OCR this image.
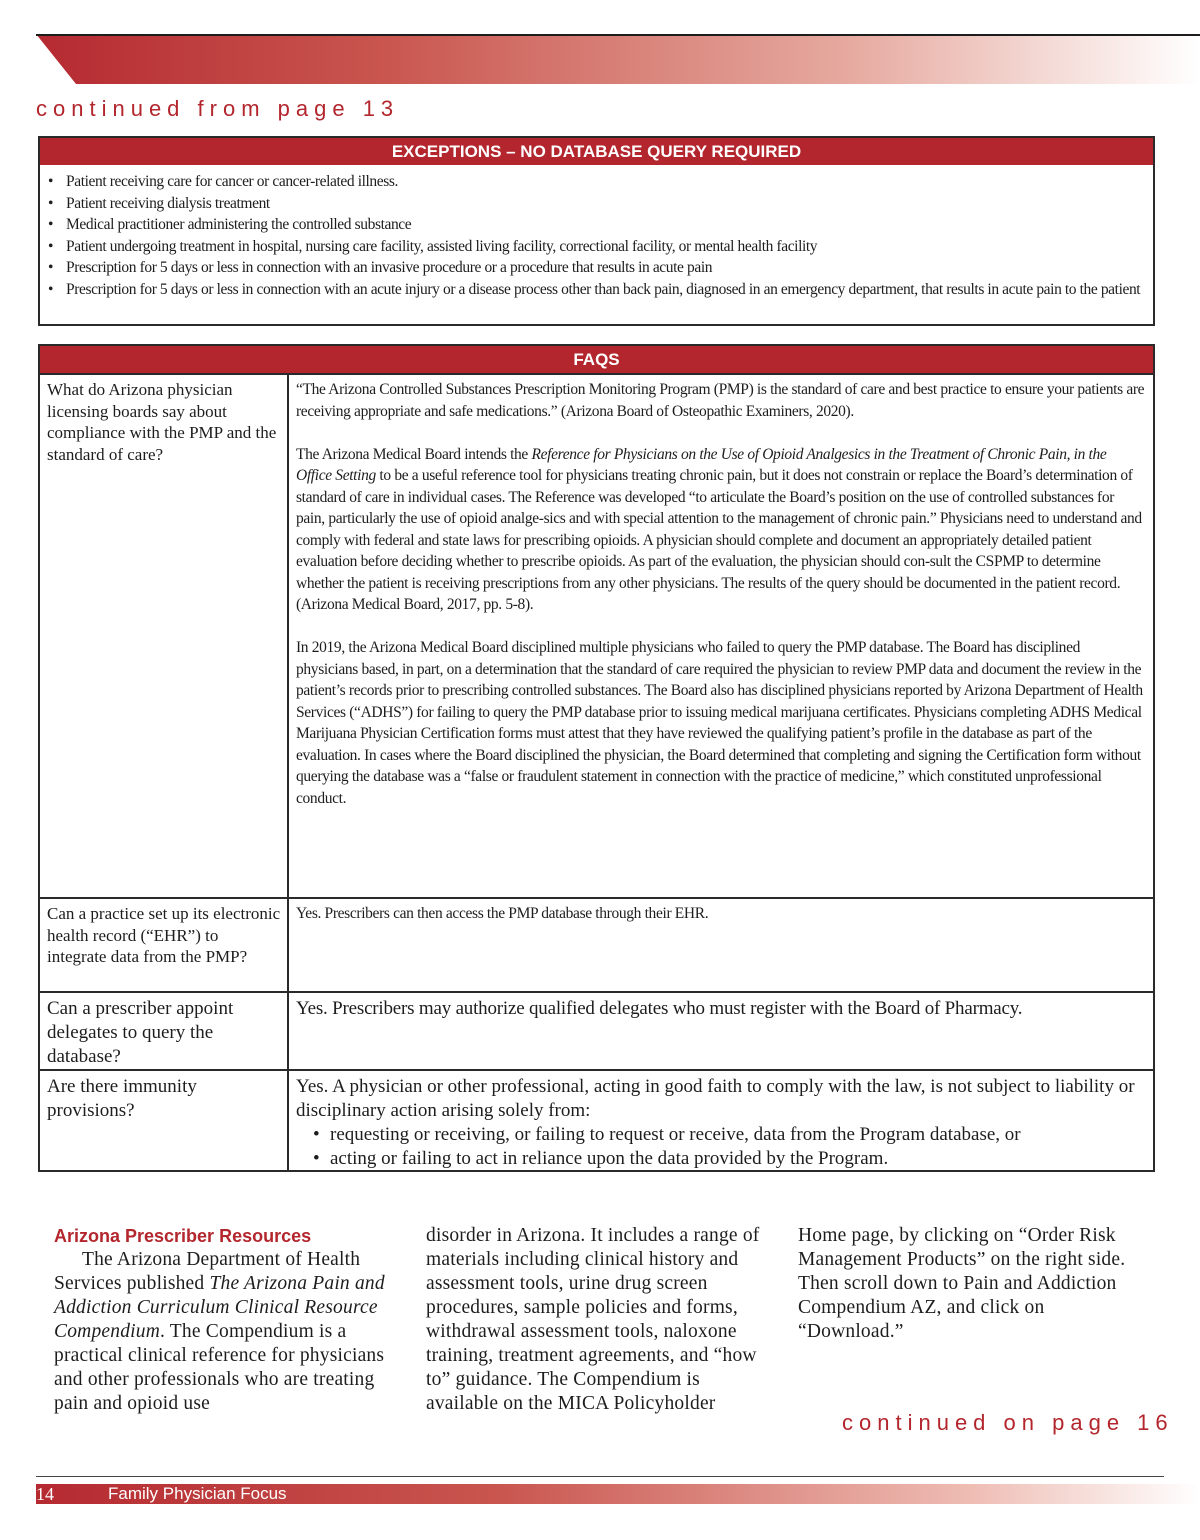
continued from page 13
EXCEPTIONS – NO DATABASE QUERY REQUIRED
• Patient receiving care for cancer or cancer-related illness.
• Patient receiving dialysis treatment
• Medical practitioner administering the controlled substance
• Patient undergoing treatment in hospital, nursing care facility, assisted living facility, correctional facility, or mental health facility
• Prescription for 5 days or less in connection with an invasive procedure or a procedure that results in acute pain
• Prescription for 5 days or less in connection with an acute injury or a disease process other than back pain, diagnosed in an emergency department, that results in acute pain to the patient
FAQS
What do Arizona physician licensing boards say about compliance with the PMP and the standard of care?

“The Arizona Controlled Substances Prescription Monitoring Program (PMP) is the standard of care and best practice to ensure your patients are receiving appropriate and safe medications.” (Arizona Board of Osteopathic Examiners, 2020).

The Arizona Medical Board intends the Reference for Physicians on the Use of Opioid Analgesics in the Treatment of Chronic Pain, in the Office Setting to be a useful reference tool for physicians treating chronic pain, but it does not constrain or replace the Board’s determination of standard of care in individual cases. The Reference was developed “to articulate the Board’s position on the use of controlled substances for pain, particularly the use of opioid analge-sics and with special attention to the management of chronic pain.” Physicians need to understand and comply with federal and state laws for prescribing opioids. A physician should complete and document an appropriately detailed patient evaluation before deciding whether to prescribe opioids. As part of the evaluation, the physician should con-sult the CSPMP to determine whether the patient is receiving prescriptions from any other physicians. The results of the query should be documented in the patient record. (Arizona Medical Board, 2017, pp. 5-8).

In 2019, the Arizona Medical Board disciplined multiple physicians who failed to query the PMP database. The Board has disciplined physicians based, in part, on a determination that the standard of care required the physician to review PMP data and document the review in the patient’s records prior to prescribing controlled substances. The Board also has disciplined physicians reported by Arizona Department of Health Services (“ADHS”) for failing to query the PMP database prior to issuing medical marijuana certificates. Physicians completing ADHS Medical Marijuana Physician Certification forms must attest that they have reviewed the qualifying patient’s profile in the database as part of the evaluation. In cases where the Board disciplined the physician, the Board determined that completing and signing the Certification form without querying the database was a “false or fraudulent statement in connection with the practice of medicine,” which constituted unprofessional conduct.

Can a practice set up its electronic health record (“EHR”) to integrate data from the PMP?
Yes. Prescribers can then access the PMP database through their EHR.
Can a prescriber appoint delegates to query the database?
Yes. Prescribers may authorize qualified delegates who must register with the Board of Pharmacy.
Are there immunity provisions?
Yes. A physician or other professional, acting in good faith to comply with the law, is not subject to liability or disciplinary action arising solely from:
• requesting or receiving, or failing to request or receive, data from the Program database, or
• acting or failing to act in reliance upon the data provided by the Program.
Arizona Prescriber Resources
The Arizona Department of Health Services published The Arizona Pain and Addiction Curriculum Clinical Resource Compendium. The Compendium is a practical clinical reference for physicians and other professionals who are treating pain and opioid use
disorder in Arizona. It includes a range of materials including clinical history and assessment tools, urine drug screen procedures, sample policies and forms, withdrawal assessment tools, naloxone training, treatment agreements, and “how to” guidance. The Compendium is available on the MICA Policyholder
Home page, by clicking on “Order Risk Management Products” on the right side. Then scroll down to Pain and Addiction Compendium AZ, and click on “Download.”
continued on page 16
14	Family Physician Focus
